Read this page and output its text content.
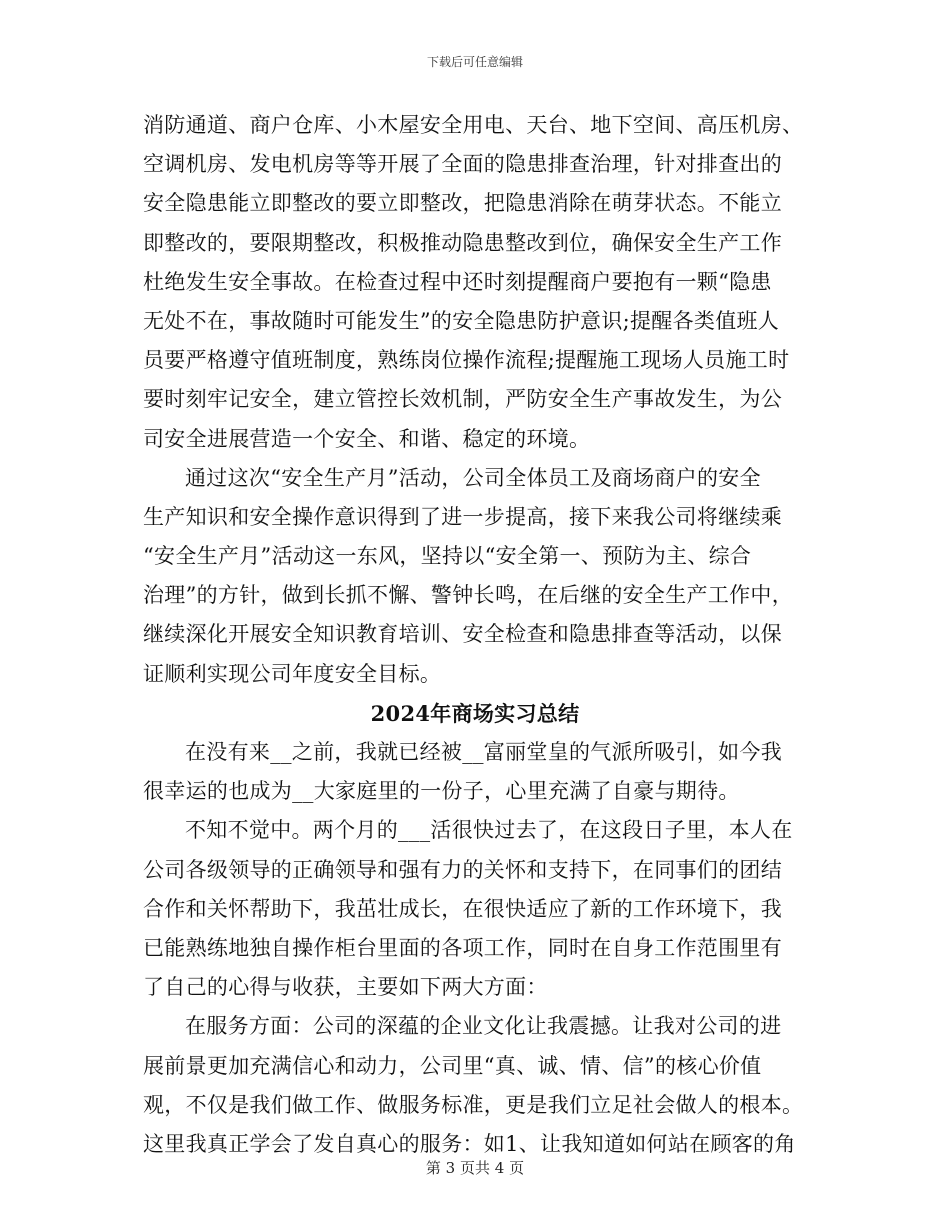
下载后可任意编辑
消防通道、商户仓库、小木屋安全用电、天台、地下空间、高压机房、
空调机房、发电机房等等开展了全面的隐患排查治理，针对排查出的
安全隐患能立即整改的要立即整改，把隐患消除在萌芽状态。不能立
即整改的，要限期整改，积极推动隐患整改到位，确保安全生产工作
杜绝发生安全事故。在检查过程中还时刻提醒商户要抱有一颗“隐患
无处不在，事故随时可能发生”的安全隐患防护意识;提醒各类值班人
员要严格遵守值班制度，熟练岗位操作流程;提醒施工现场人员施工时
要时刻牢记安全，建立管控长效机制，严防安全生产事故发生，为公
司安全进展营造一个安全、和谐、稳定的环境。
通过这次“安全生产月”活动，公司全体员工及商场商户的安全
生产知识和安全操作意识得到了进一步提高，接下来我公司将继续乘
“安全生产月”活动这一东风，坚持以“安全第一、预防为主、综合
治理”的方针，做到长抓不懈、警钟长鸣，在后继的安全生产工作中，
继续深化开展安全知识教育培训、安全检查和隐患排查等活动，以保
证顺利实现公司年度安全目标。
2024年商场实习总结
在没有来__之前，我就已经被__富丽堂皇的气派所吸引，如今我
很幸运的也成为__大家庭里的一份子，心里充满了自豪与期待。
不知不觉中。两个月的___活很快过去了，在这段日子里，本人在
公司各级领导的正确领导和强有力的关怀和支持下，在同事们的团结
合作和关怀帮助下，我茁壮成长，在很快适应了新的工作环境下，我
已能熟练地独自操作柜台里面的各项工作，同时在自身工作范围里有
了自己的心得与收获，主要如下两大方面：
在服务方面：公司的深蕴的企业文化让我震撼。让我对公司的进
展前景更加充满信心和动力，公司里“真、诚、情、信”的核心价值
观，不仅是我们做工作、做服务标准，更是我们立足社会做人的根本。
这里我真正学会了发自真心的服务：如1、让我知道如何站在顾客的角
第 3 页共 4 页
